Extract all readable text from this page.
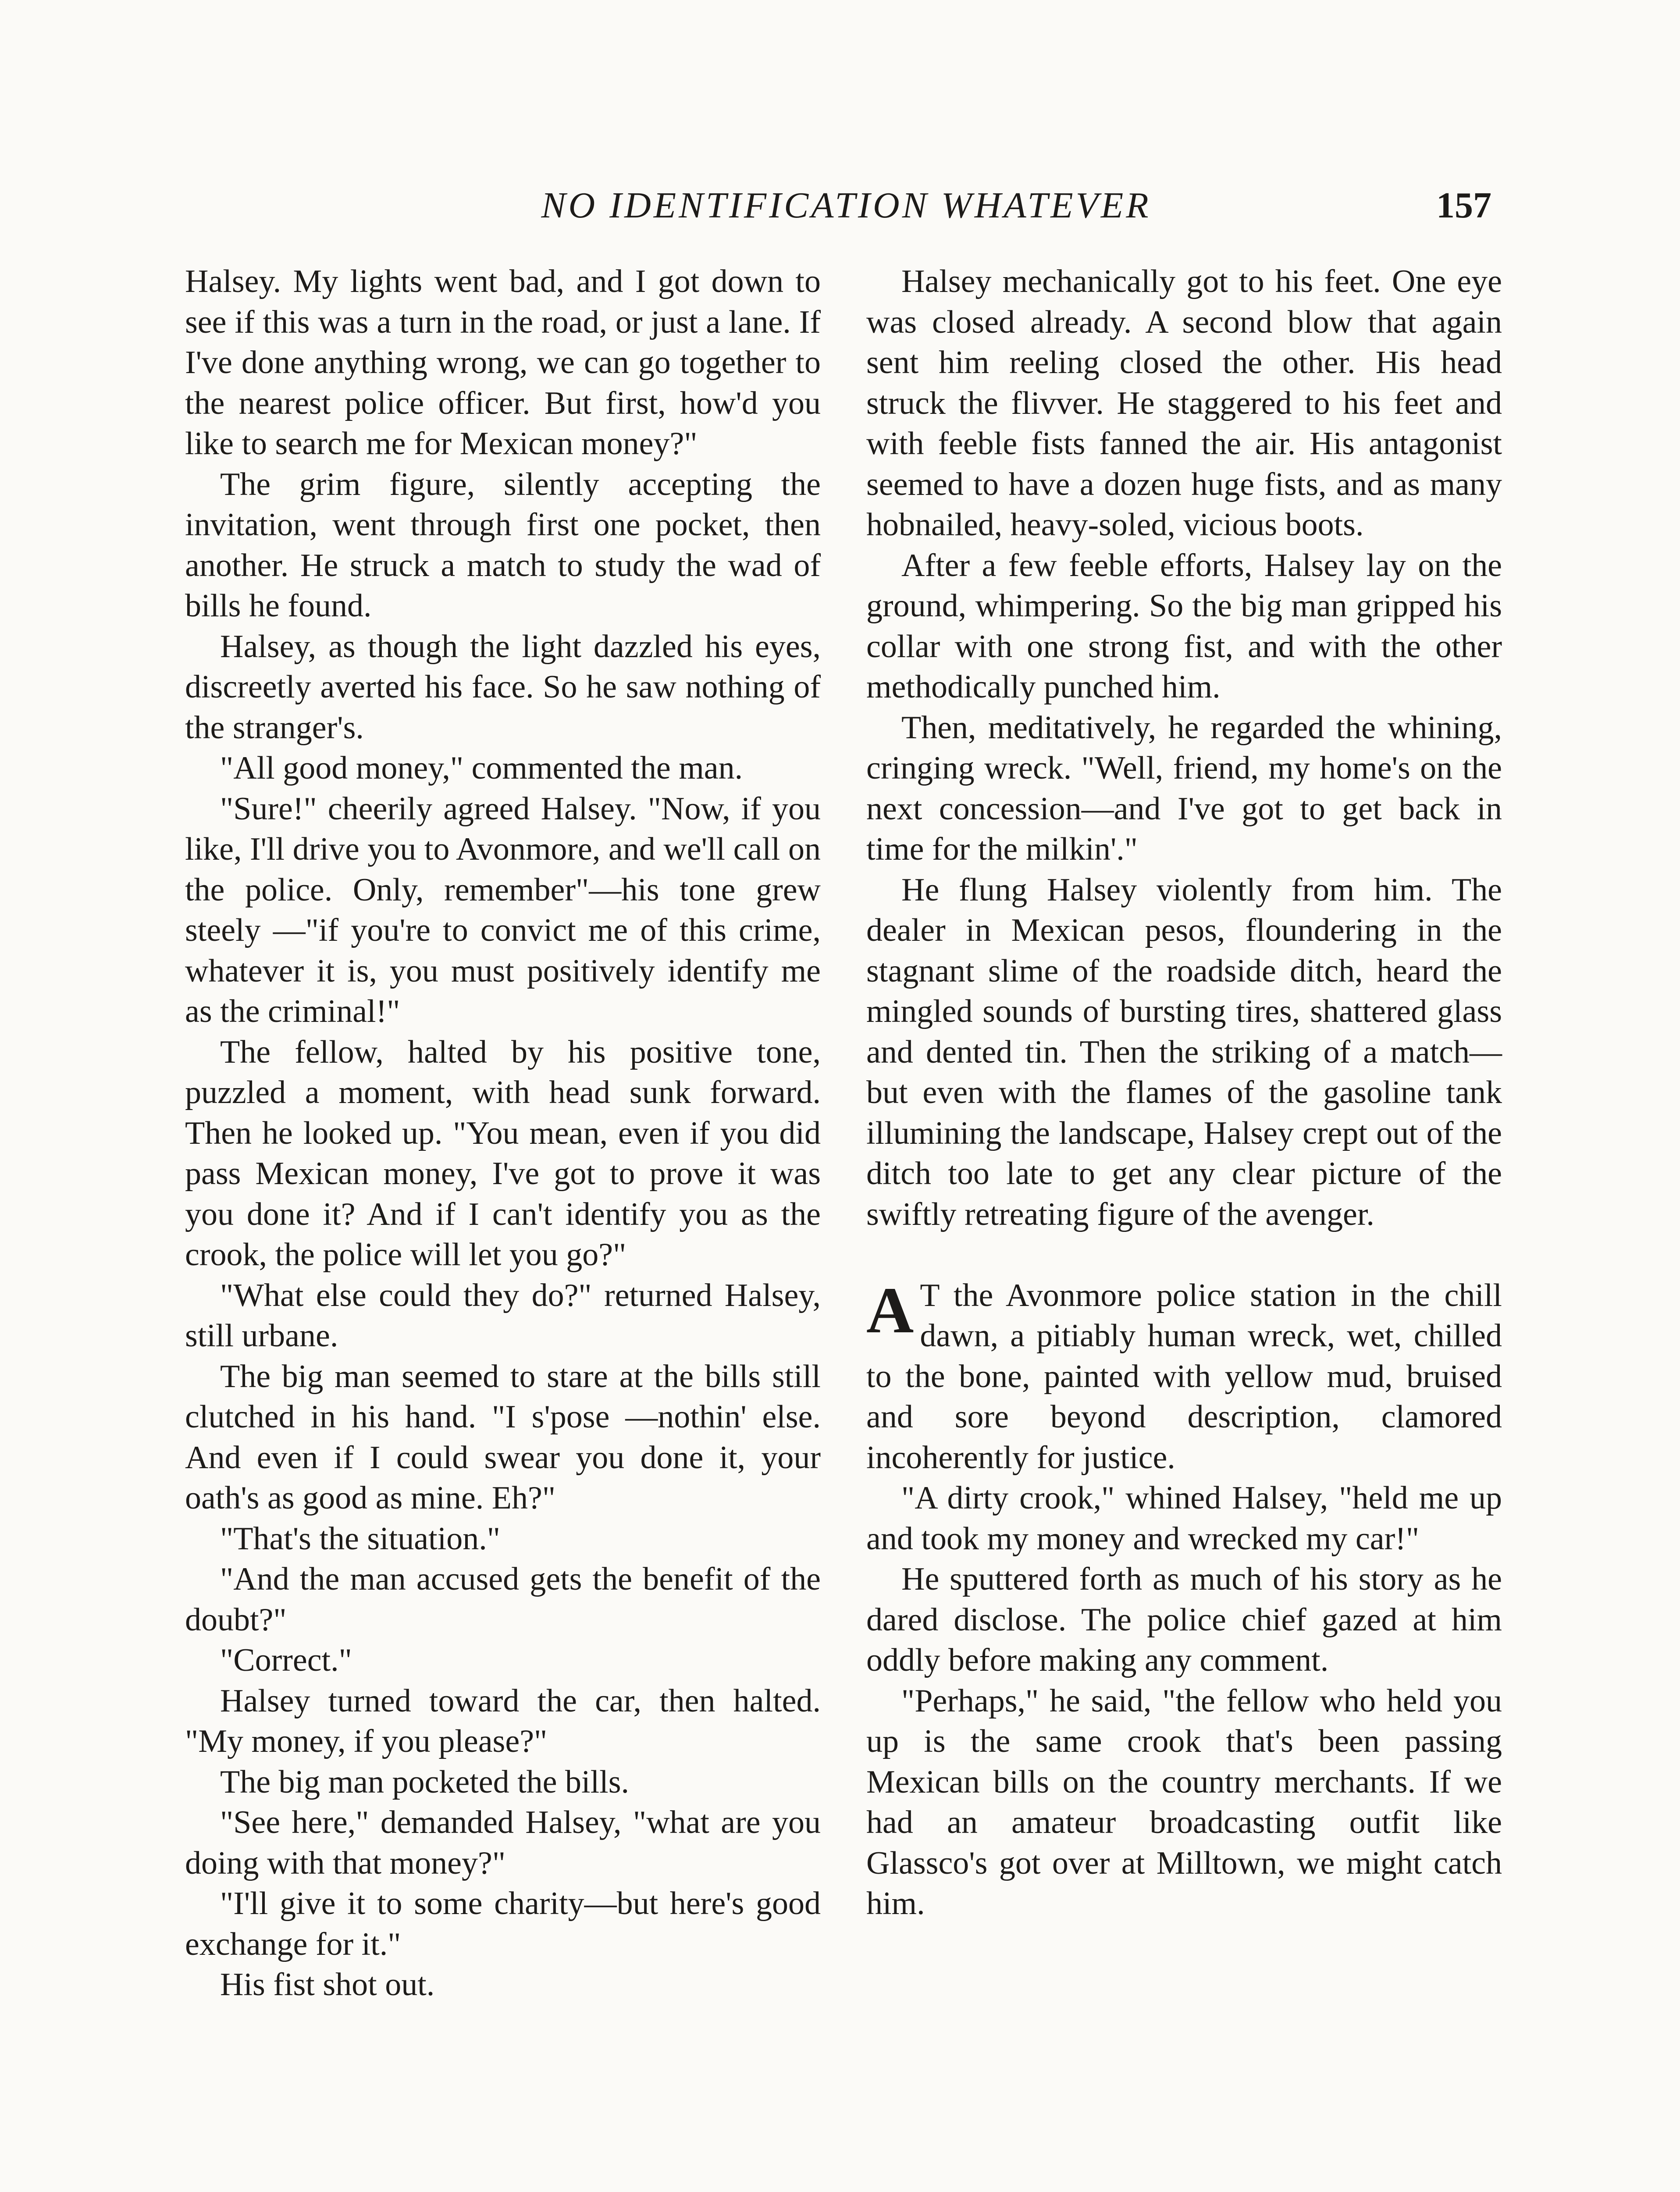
NO IDENTIFICATION WHATEVER	157

Halsey. My lights went bad, and I got down to see if this was a turn in the road, or just a lane. If I've done anything wrong, we can go together to the nearest police officer. But first, how'd you like to search me for Mexican money?"

The grim figure, silently accepting the invitation, went through first one pocket, then another. He struck a match to study the wad of bills he found.

Halsey, as though the light dazzled his eyes, discreetly averted his face. So he saw nothing of the stranger's.

"All good money," commented the man.

"Sure!" cheerily agreed Halsey. "Now, if you like, I'll drive you to Avonmore, and we'll call on the police. Only, remember"—his tone grew steely —"if you're to convict me of this crime, whatever it is, you must positively identify me as the criminal!"

The fellow, halted by his positive tone, puzzled a moment, with head sunk forward. Then he looked up. "You mean, even if you did pass Mexican money, I've got to prove it was you done it? And if I can't identify you as the crook, the police will let you go?"

"What else could they do?" returned Halsey, still urbane.

The big man seemed to stare at the bills still clutched in his hand. "I s'pose —nothin' else. And even if I could swear you done it, your oath's as good as mine. Eh?"

"That's the situation."

"And the man accused gets the benefit of the doubt?"

"Correct."

Halsey turned toward the car, then halted. "My money, if you please?"

The big man pocketed the bills.

"See here," demanded Halsey, "what are you doing with that money?"

"I'll give it to some charity—but here's good exchange for it."

His fist shot out.

Halsey mechanically got to his feet. One eye was closed already. A second blow that again sent him reeling closed the other. His head struck the flivver. He staggered to his feet and with feeble fists fanned the air. His antagonist seemed to have a dozen huge fists, and as many hobnailed, heavy-soled, vicious boots.

After a few feeble efforts, Halsey lay on the ground, whimpering. So the big man gripped his collar with one strong fist, and with the other methodically punched him.

Then, meditatively, he regarded the whining, cringing wreck. "Well, friend, my home's on the next concession—and I've got to get back in time for the milkin'."

He flung Halsey violently from him. The dealer in Mexican pesos, floundering in the stagnant slime of the roadside ditch, heard the mingled sounds of bursting tires, shattered glass and dented tin. Then the striking of a match—but even with the flames of the gasoline tank illumining the landscape, Halsey crept out of the ditch too late to get any clear picture of the swiftly retreating figure of the avenger.

A T the Avonmore police station in the chill dawn, a pitiably human wreck, wet, chilled to the bone, painted with yellow mud, bruised and sore beyond description, clamored incoherently for justice.

"A dirty crook," whined Halsey, "held me up and took my money and wrecked my car!"

He sputtered forth as much of his story as he dared disclose. The police chief gazed at him oddly before making any comment.

"Perhaps," he said, "the fellow who held you up is the same crook that's been passing Mexican bills on the country merchants. If we had an amateur broadcasting outfit like Glassco's got over at Milltown, we might catch him.
